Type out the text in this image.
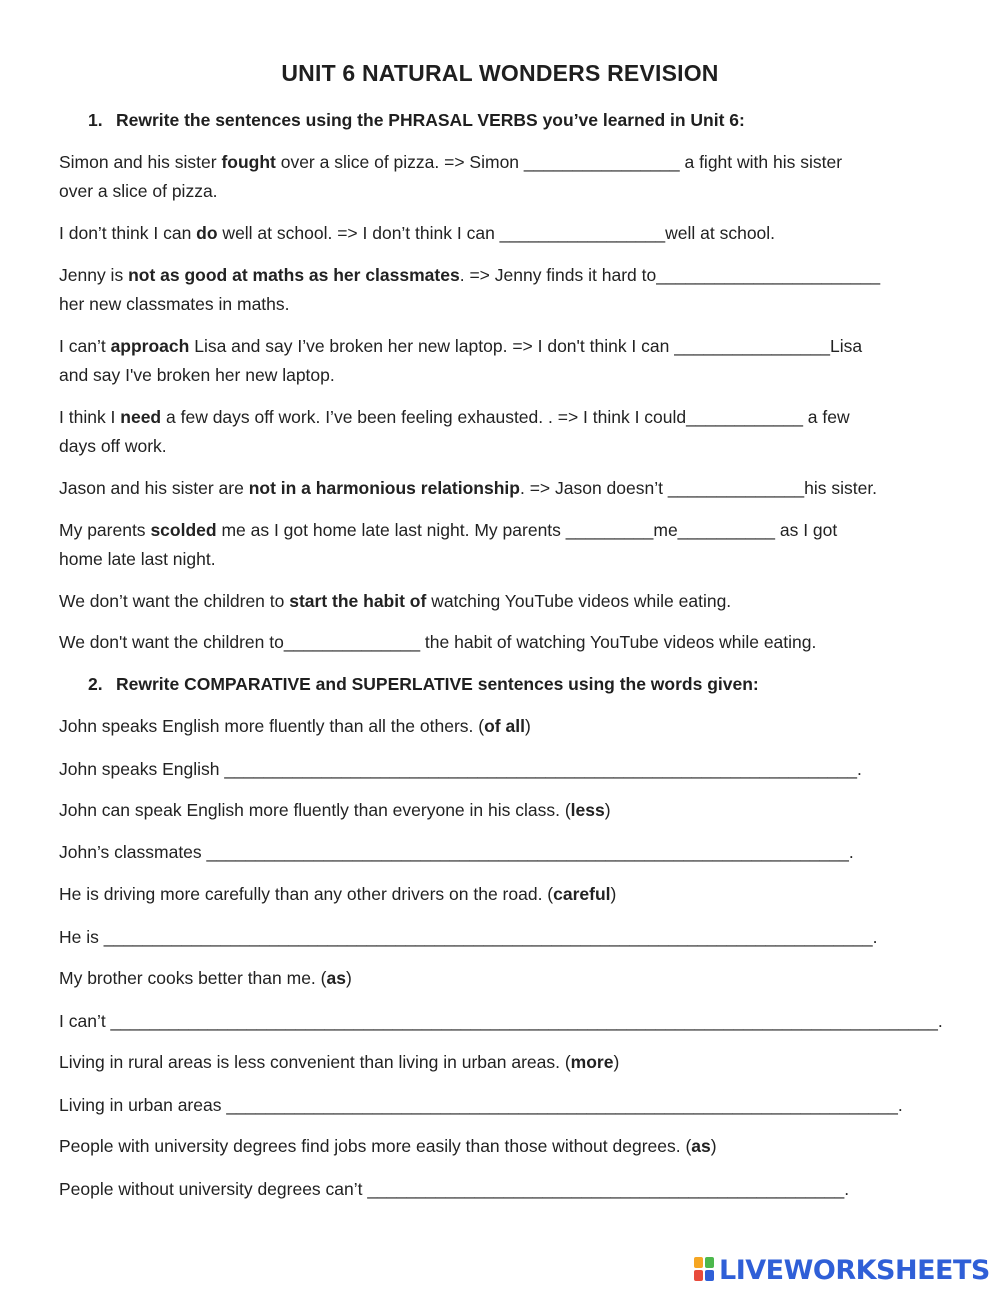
UNIT 6 NATURAL WONDERS REVISION
1. Rewrite the sentences using the PHRASAL VERBS you’ve learned in Unit 6:
Simon and his sister fought over a slice of pizza. => Simon ________________ a fight with his sister
over a slice of pizza.
I don’t think I can do well at school. => I don’t think I can _________________well at school.
Jenny is not as good at maths as her classmates. => Jenny finds it hard to_______________________
her new classmates in maths.
I can’t approach Lisa and say I’ve broken her new laptop. => I don't think I can ________________Lisa
and say I've broken her new laptop.
I think I need a few days off work. I’ve been feeling exhausted. . => I think I could____________ a few
days off work.
Jason and his sister are not in a harmonious relationship. => Jason doesn’t ______________his sister.
My parents scolded me as I got home late last night. My parents _________me__________ as I got
home late last night.
We don’t want the children to start the habit of watching YouTube videos while eating.
We don't want the children to______________ the habit of watching YouTube videos while eating.
2. Rewrite COMPARATIVE and SUPERLATIVE sentences using the words given:
John speaks English more fluently than all the others. (of all)
John speaks English _________________________________________________________________.
John can speak English more fluently than everyone in his class. (less)
John’s classmates __________________________________________________________________.
He is driving more carefully than any other drivers on the road. (careful)
He is _______________________________________________________________________________.
My brother cooks better than me. (as)
I can’t _____________________________________________________________________________________.
Living in rural areas is less convenient than living in urban areas. (more)
Living in urban areas _____________________________________________________________________.
People with university degrees find jobs more easily than those without degrees. (as)
People without university degrees can’t _________________________________________________.
LIVEWORKSHEETS
